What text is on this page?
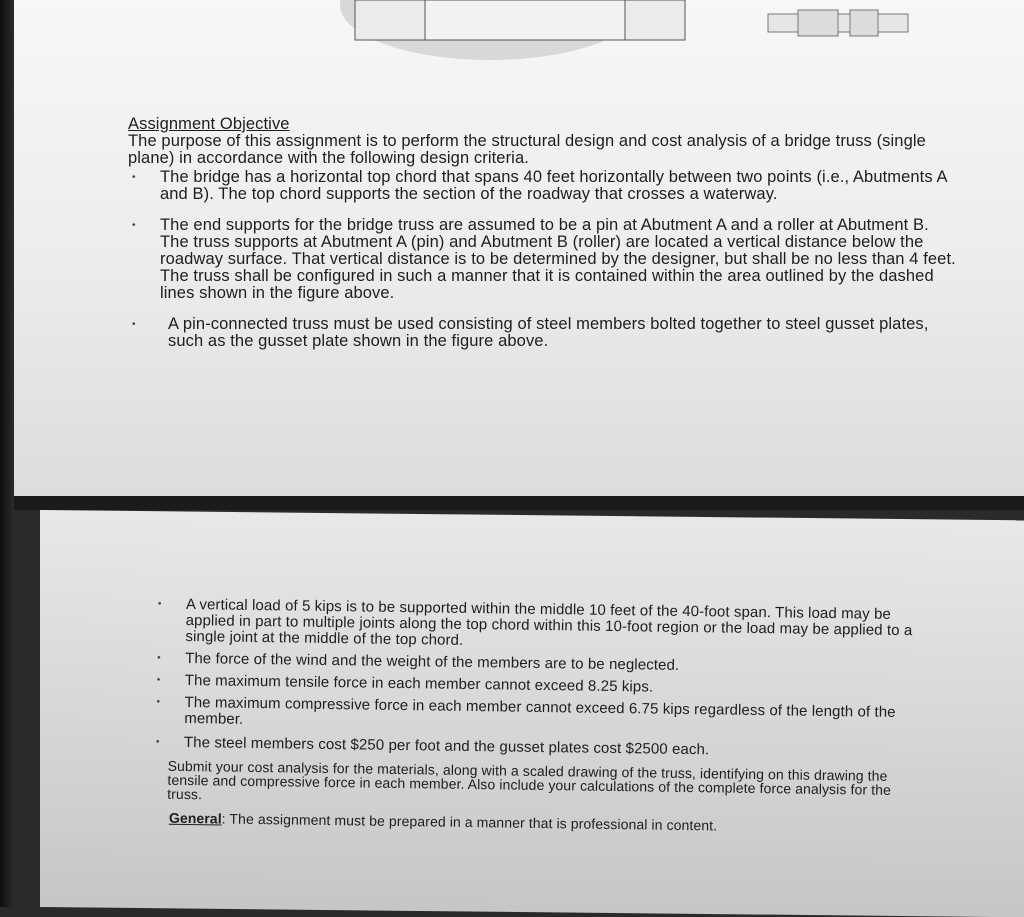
Assignment Objective

The purpose of this assignment is to perform the structural design and cost analysis of a bridge truss (single plane) in accordance with the following design criteria.

• The bridge has a horizontal top chord that spans 40 feet horizontally between two points (i.e., Abutments A and B). The top chord supports the section of the roadway that crosses a waterway.
• The end supports for the bridge truss are assumed to be a pin at Abutment A and a roller at Abutment B. The truss supports at Abutment A (pin) and Abutment B (roller) are located a vertical distance below the roadway surface. That vertical distance is to be determined by the designer, but shall be no less than 4 feet. The truss shall be configured in such a manner that it is contained within the area outlined by the dashed lines shown in the figure above.
• A pin-connected truss must be used consisting of steel members bolted together to steel gusset plates, such as the gusset plate shown in the figure above.
• A vertical load of 5 kips is to be supported within the middle 10 feet of the 40-foot span. This load may be applied in part to multiple joints along the top chord within this 10-foot region or the load may be applied to a single joint at the middle of the top chord.
• The force of the wind and the weight of the members are to be neglected.
• The maximum tensile force in each member cannot exceed 8.25 kips.
• The maximum compressive force in each member cannot exceed 6.75 kips regardless of the length of the member.
• The steel members cost $250 per foot and the gusset plates cost $2500 each.

Submit your cost analysis for the materials, along with a scaled drawing of the truss, identifying on this drawing the tensile and compressive force in each member. Also include your calculations of the complete force analysis for the truss.

General: The assignment must be prepared in a manner that is professional in content.
